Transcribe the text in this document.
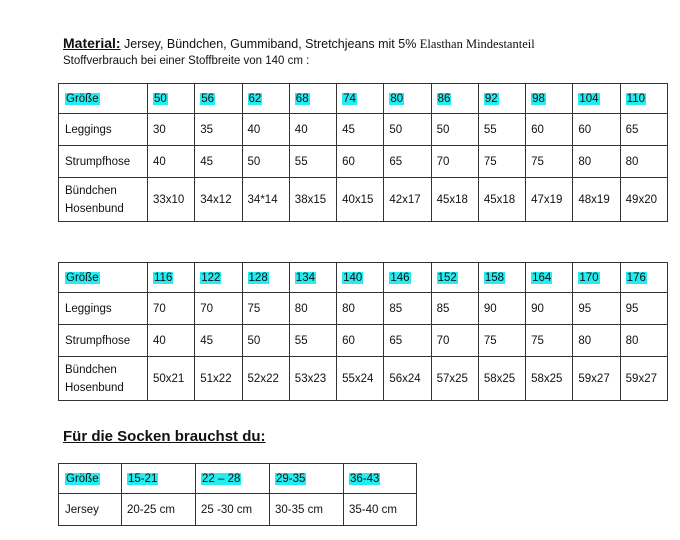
Material: Jersey, Bündchen, Gummiband, Stretchjeans mit 5% Elasthan Mindestanteil
Stoffverbrauch bei einer Stoffbreite von 140 cm :
Größe	50	56	62	68	74	80	86	92	98	104	110
Leggings	30	35	40	40	45	50	50	55	60	60	65
Strumpfhose	40	45	50	55	60	65	70	75	75	80	80
Bündchen
Hosenbund	33x10	34x12	34*14	38x15	40x15	42x17	45x18	45x18	47x19	48x19	49x20
Größe	116	122	128	134	140	146	152	158	164	170	176
Leggings	70	70	75	80	80	85	85	90	90	95	95
Strumpfhose	40	45	50	55	60	65	70	75	75	80	80
Bündchen
Hosenbund	50x21	51x22	52x22	53x23	55x24	56x24	57x25	58x25	58x25	59x27	59x27
Für die Socken brauchst du:
Größe	15-21	22 – 28	29-35	36-43
Jersey	20-25 cm	25 -30 cm	30-35 cm	35-40 cm
